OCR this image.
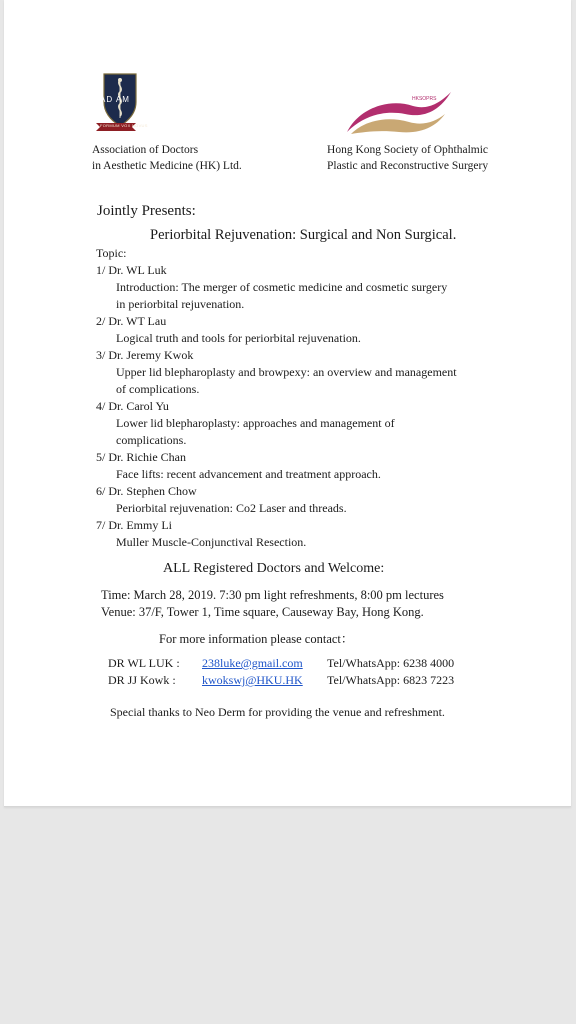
AD AM
FORMUM VOX NOVUS
HKSOPRS
Association of Doctors
in Aesthetic Medicine (HK) Ltd.
Hong Kong Society of Ophthalmic
Plastic and Reconstructive Surgery
Jointly Presents:
Periorbital Rejuvenation: Surgical and Non Surgical.
Topic:
1/ Dr. WL Luk
Introduction: The merger of cosmetic medicine and cosmetic surgery
in periorbital rejuvenation.
2/ Dr. WT Lau
Logical truth and tools for periorbital rejuvenation.
3/ Dr. Jeremy Kwok
Upper lid blepharoplasty and browpexy: an overview and management
of complications.
4/ Dr. Carol Yu
Lower lid blepharoplasty: approaches and management of
complications.
5/ Dr. Richie Chan
Face lifts: recent advancement and treatment approach.
6/ Dr. Stephen Chow
Periorbital rejuvenation: Co2 Laser and threads.
7/ Dr. Emmy Li
Muller Muscle-Conjunctival Resection.
ALL Registered Doctors and Welcome:
Time: March 28, 2019. 7:30 pm light refreshments, 8:00 pm lectures
Venue: 37/F, Tower 1, Time square, Causeway Bay, Hong Kong.
For more information please contact：
DR WL LUK : 238luke@gmail.com Tel/WhatsApp: 6238 4000
DR JJ Kowk : kwokswj@HKU.HK Tel/WhatsApp: 6823 7223
Special thanks to Neo Derm for providing the venue and refreshment.
